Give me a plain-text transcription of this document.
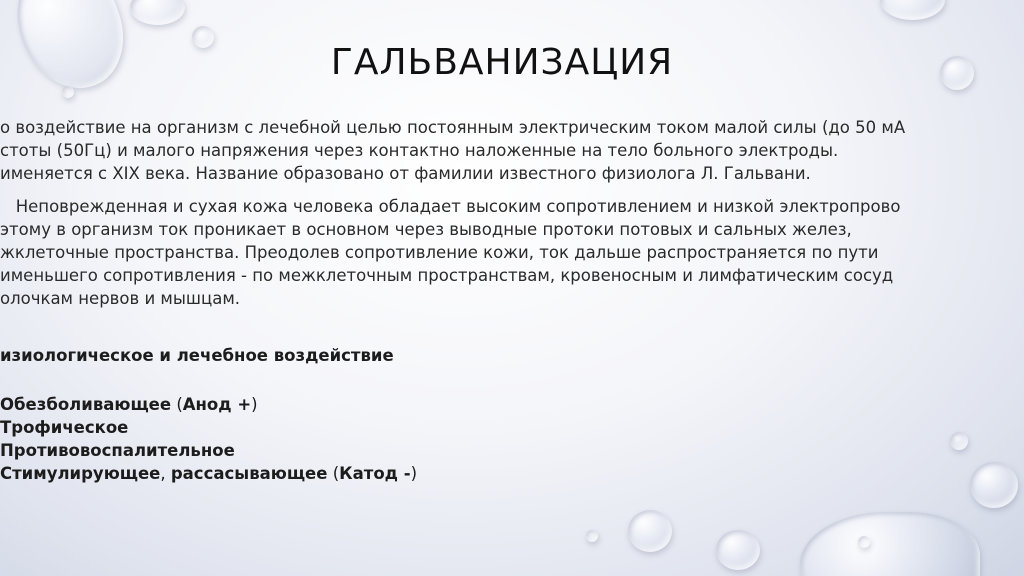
ГАЛЬВАНИЗАЦИЯ
о воздействие на организм с лечебной целью постоянным электрическим током малой силы (до 50 мА
стоты (50Гц) и малого напряжения через контактно наложенные на тело больного электроды.
именяется с XIX века. Название образовано от фамилии известного физиолога Л. Гальвани.
Неповрежденная и сухая кожа человека обладает высоким сопротивлением и низкой электропрово
этому в организм ток проникает в основном через выводные протоки потовых и сальных желез,
жклеточные пространства. Преодолев сопротивление кожи, ток дальше распространяется по пути
именьшего сопротивления - по межклеточным пространствам, кровеносным и лимфатическим сосуд
олочкам нервов и мышцам.
изиологическое и лечебное воздействие
Обезболивающее (Анод +)
Трофическое
Противовоспалительное
Стимулирующее, рассасывающее (Катод -)
